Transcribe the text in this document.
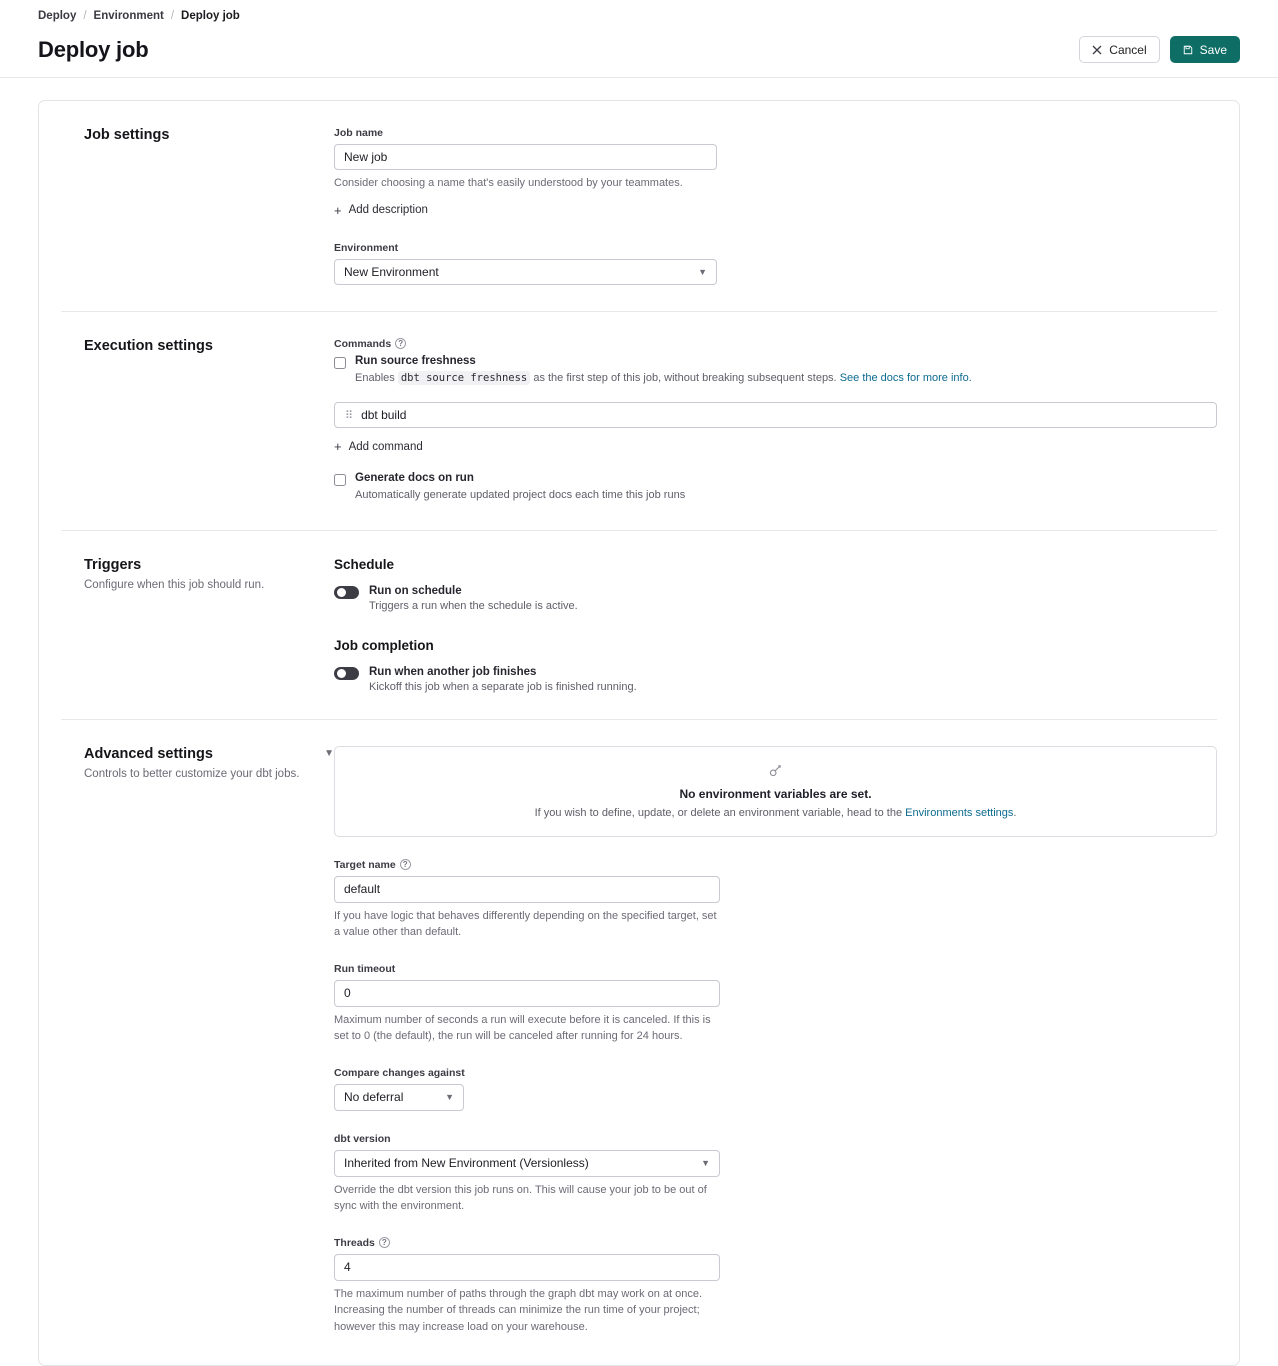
Deploy / Environment / Deploy job
Deploy job	Cancel	Save
Job settings	Job name
New job
Consider choosing a name that's easily understood by your teammates.
+ Add description
Environment
New Environment	▼
Execution settings	Commands ?
Run source freshness
Enables dbt source freshness as the first step of this job, without breaking subsequent steps. See the docs for more info.
⠿ dbt build
+ Add command
Generate docs on run
Automatically generate updated project docs each time this job runs
Triggers

Configure when this job should run.

Schedule
Run on schedule
Triggers a run when the schedule is active.
Job completion
Run when another job finishes
Kickoff this job when a separate job is finished running.
Advanced settings

Controls to better customize your dbt jobs.

▼
No environment variables are set.
If you wish to define, update, or delete an environment variable, head to the Environments settings.
Target name ?
default
If you have logic that behaves differently depending on the specified target, set a value other than default.
Run timeout
0
Maximum number of seconds a run will execute before it is canceled. If this is set to 0 (the default), the run will be canceled after running for 24 hours.
Compare changes against
No deferral	▼
dbt version
Inherited from New Environment (Versionless)	▼
Override the dbt version this job runs on. This will cause your job to be out of sync with the environment.
Threads ?
4
The maximum number of paths through the graph dbt may work on at once. Increasing the number of threads can minimize the run time of your project; however this may increase load on your warehouse.
